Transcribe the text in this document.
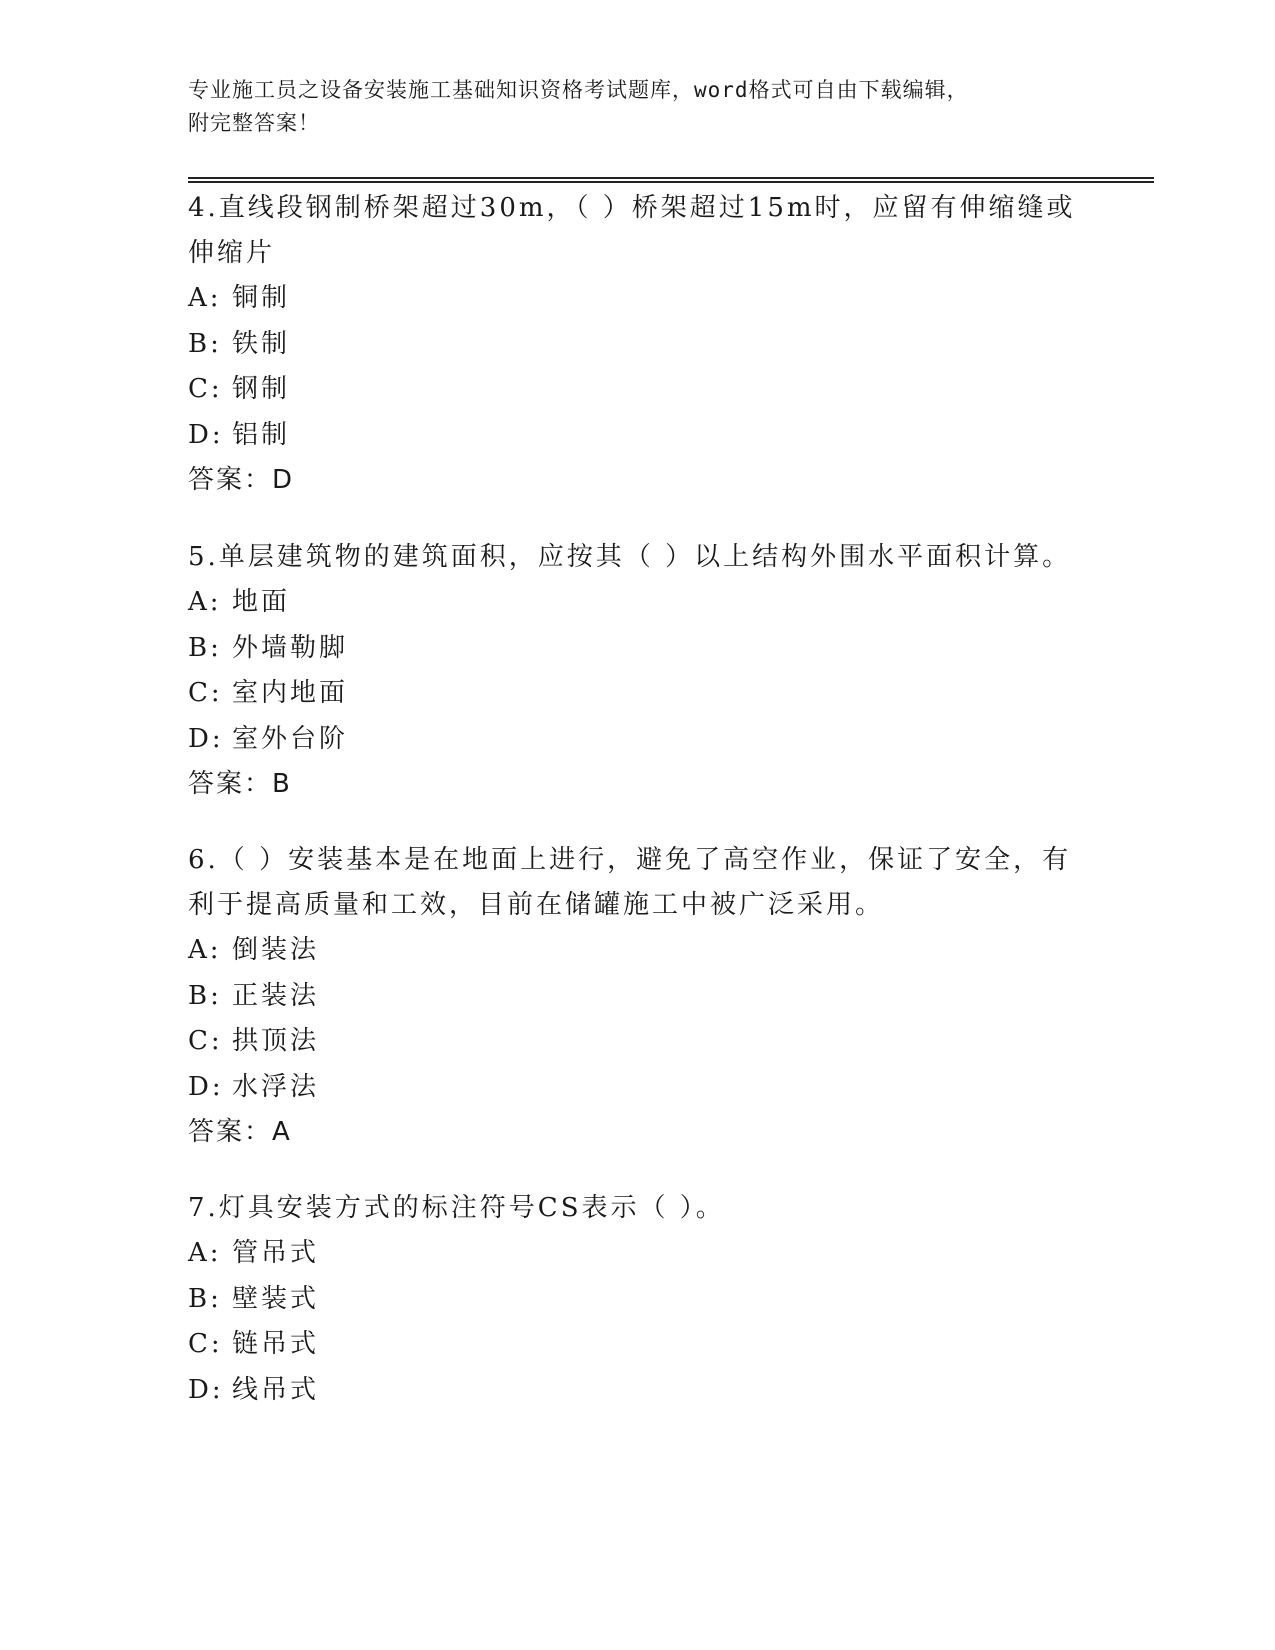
专业施工员之设备安装施工基础知识资格考试题库，word格式可自由下载编辑，
附完整答案！
4.直线段钢制桥架超过30m，（ ）桥架超过15m时，应留有伸缩缝或
伸缩片
A: 铜制
B: 铁制
C: 钢制
D: 铝制
答案：D
5.单层建筑物的建筑面积，应按其（ ）以上结构外围水平面积计算。
A: 地面
B: 外墙勒脚
C: 室内地面
D: 室外台阶
答案：B
6.（ ）安装基本是在地面上进行，避免了高空作业，保证了安全，有
利于提高质量和工效，目前在储罐施工中被广泛采用。
A: 倒装法
B: 正装法
C: 拱顶法
D: 水浮法
答案：A
7.灯具安装方式的标注符号CS表示（ ）。
A: 管吊式
B: 壁装式
C: 链吊式
D: 线吊式
